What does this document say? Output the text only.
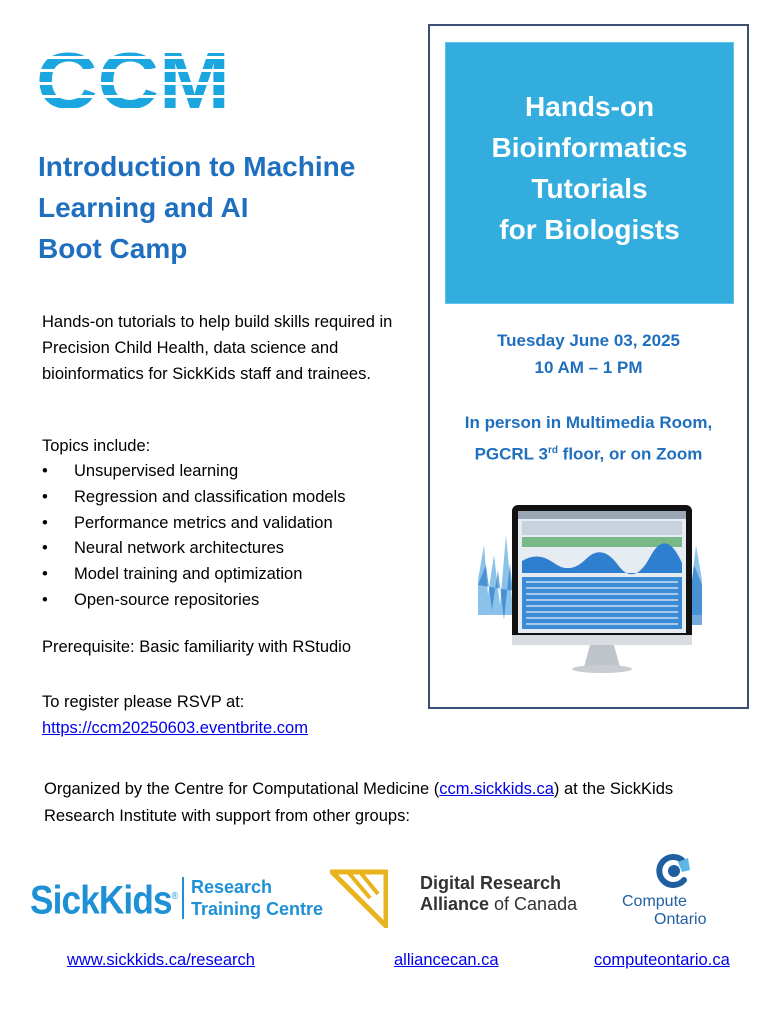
CCM
Introduction to Machine
Learning and AI
Boot Camp
Hands-on tutorials to help build skills required in Precision Child Health, data science and bioinformatics for SickKids staff and trainees.
Topics include:
• Unsupervised learning
• Regression and classification models
• Performance metrics and validation
• Neural network architectures
• Model training and optimization
• Open-source repositories
Prerequisite: Basic familiarity with RStudio
To register please RSVP at:
https://ccm20250603.eventbrite.com
Hands-on
Bioinformatics
Tutorials
for Biologists
Tuesday June 03, 2025
10 AM – 1 PM
In person in Multimedia Room,
PGCRL 3rd floor, or on Zoom
Organized by the Centre for Computational Medicine (ccm.sickkids.ca) at the SickKids Research Institute with support from other groups:
SickKids® Research
Training Centre
Digital Research
Alliance of Canada	Compute
Ontario
www.sickkids.ca/research	alliancecan.ca	computeontario.ca
